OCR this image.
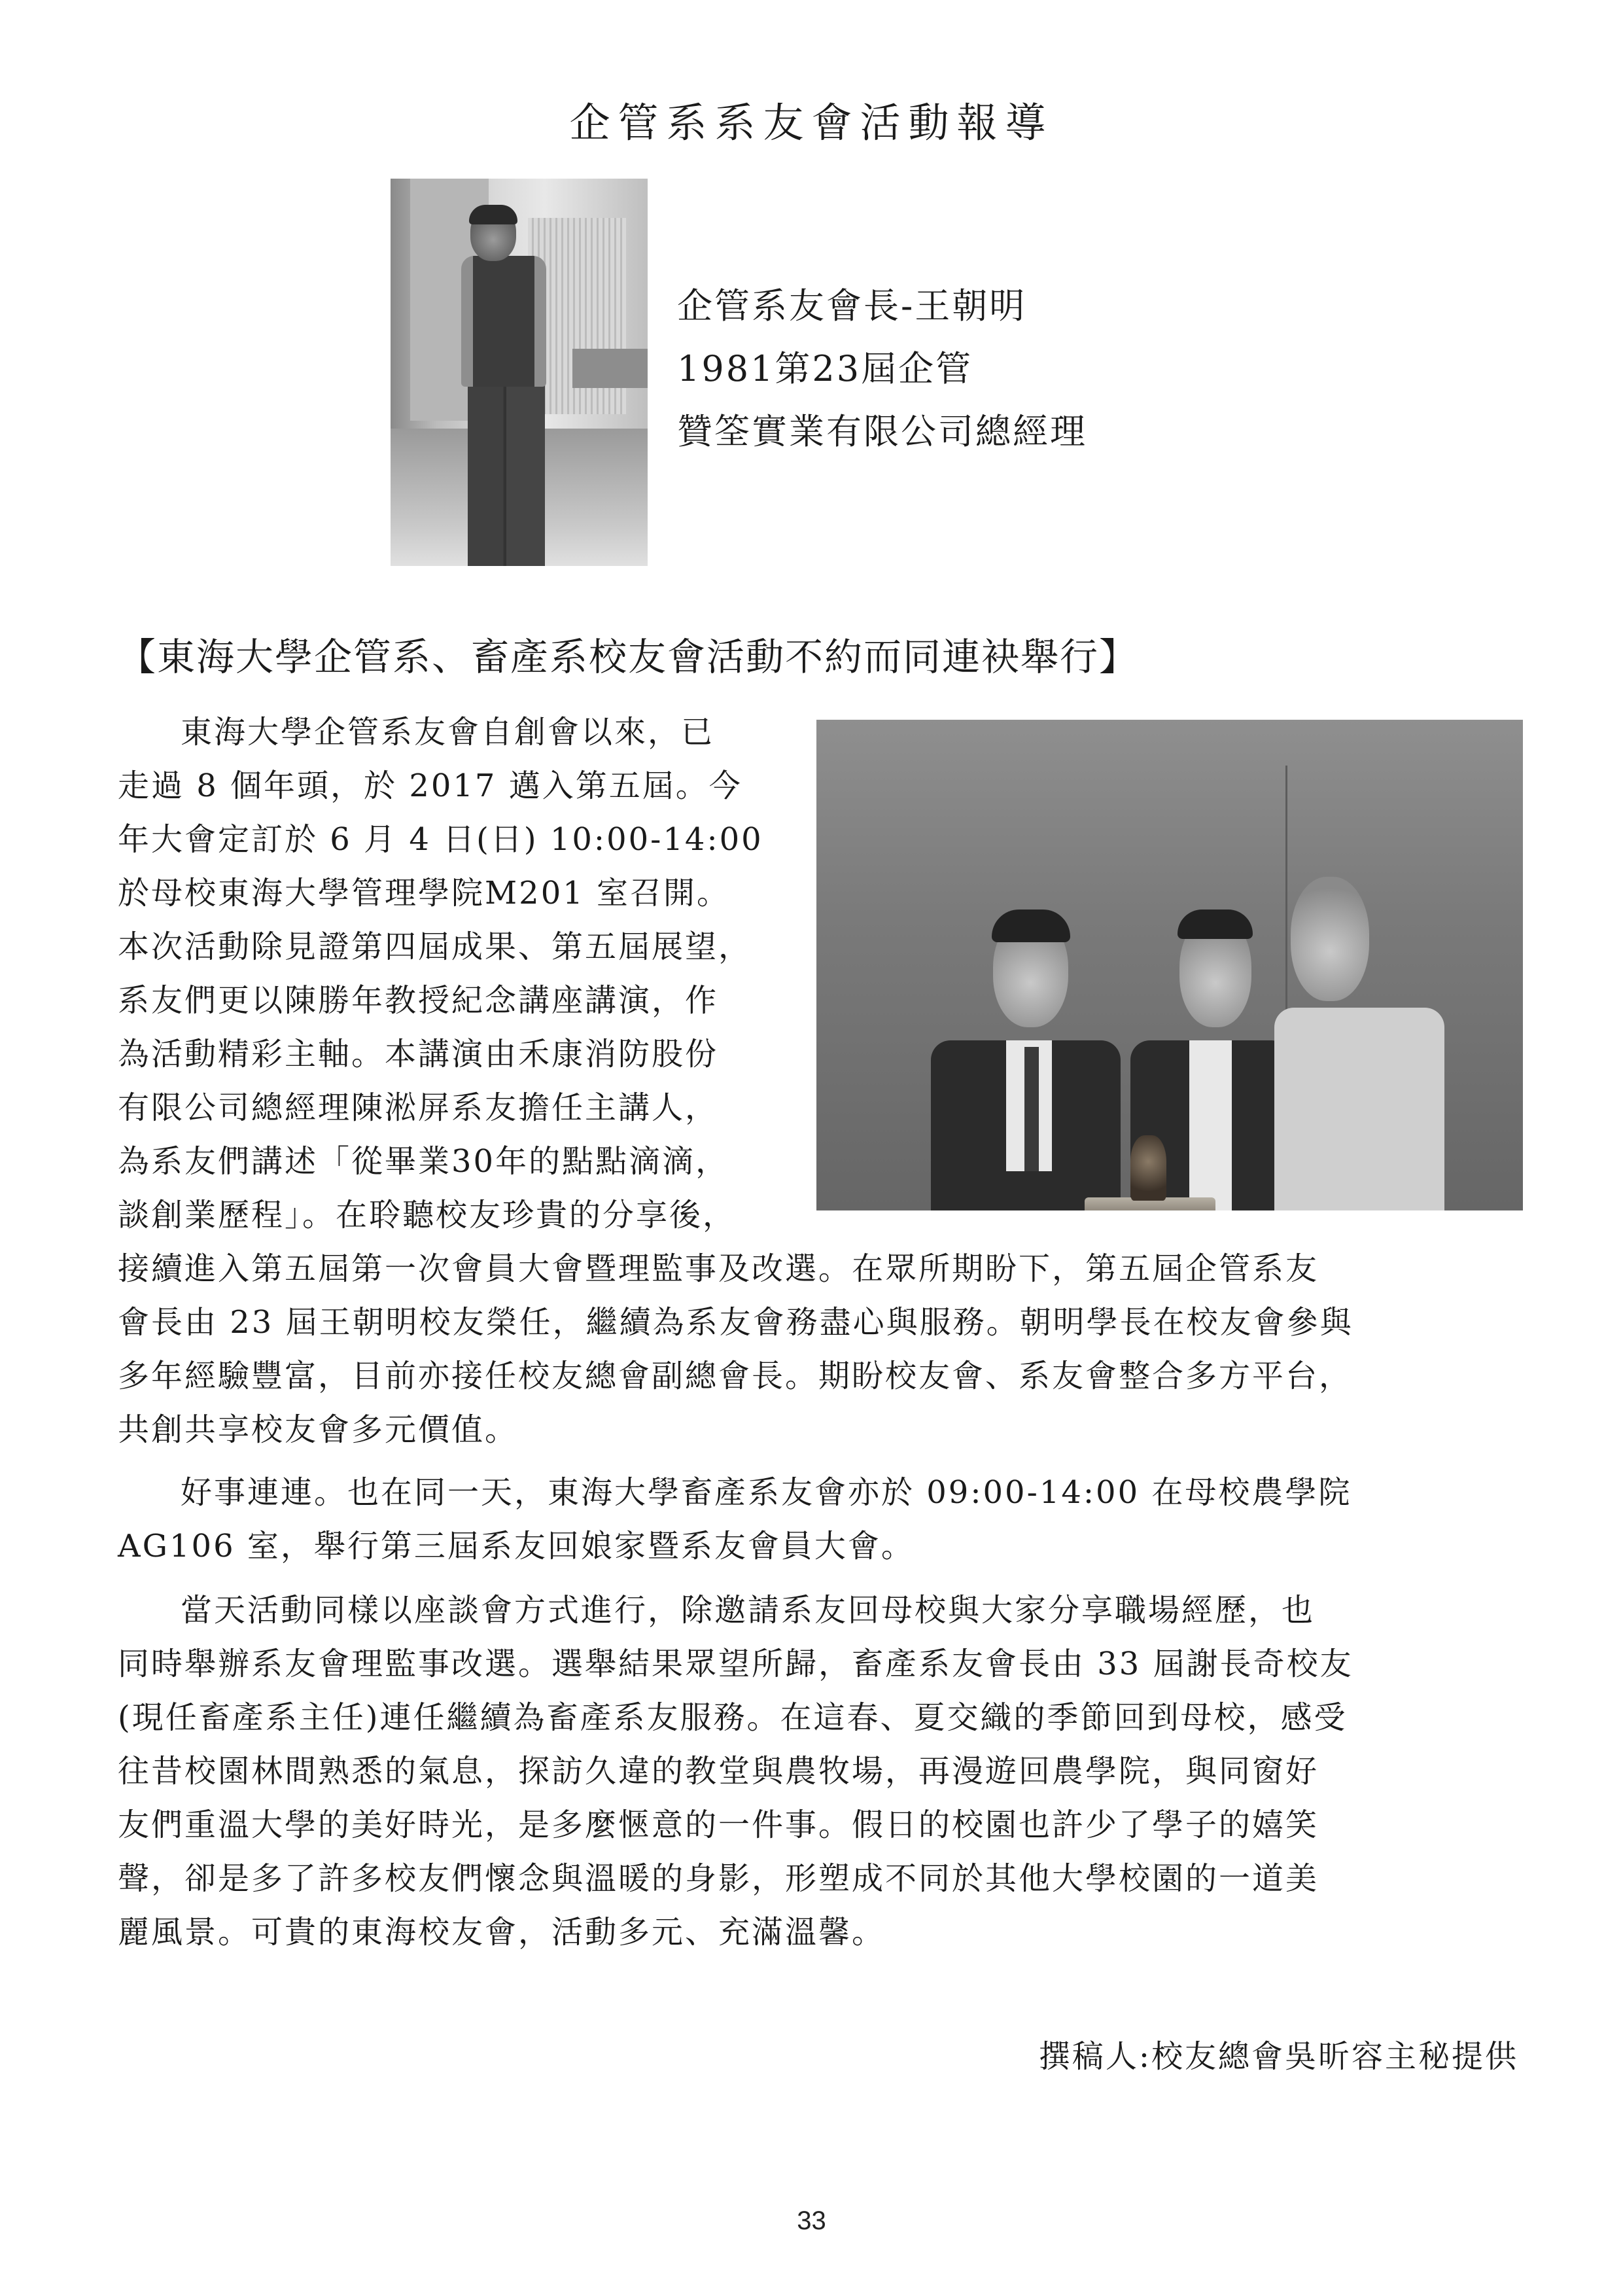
企管系系友會活動報導
企管系友會長-王朝明
1981第23屆企管
贊筌實業有限公司總經理
【東海大學企管系、畜產系校友會活動不約而同連袂舉行】
東海大學企管系友會自創會以來，已
走過 8 個年頭，於 2017 邁入第五屆。今
年大會定訂於 6 月 4 日(日) 10:00-14:00
於母校東海大學管理學院M201 室召開。
本次活動除見證第四屆成果、第五屆展望，
系友們更以陳勝年教授紀念講座講演，作
為活動精彩主軸。本講演由禾康消防股份
有限公司總經理陳淞屏系友擔任主講人，
為系友們講述「從畢業30年的點點滴滴，
談創業歷程」。在聆聽校友珍貴的分享後，
接續進入第五屆第一次會員大會暨理監事及改選。在眾所期盼下，第五屆企管系友
會長由 23 屆王朝明校友榮任，繼續為系友會務盡心與服務。朝明學長在校友會參與
多年經驗豐富，目前亦接任校友總會副總會長。期盼校友會、系友會整合多方平台，
共創共享校友會多元價值。
好事連連。也在同一天，東海大學畜產系友會亦於 09:00-14:00 在母校農學院
AG106 室，舉行第三屆系友回娘家暨系友會員大會。
當天活動同樣以座談會方式進行，除邀請系友回母校與大家分享職場經歷，也
同時舉辦系友會理監事改選。選舉結果眾望所歸，畜產系友會長由 33 屆謝長奇校友
(現任畜產系主任)連任繼續為畜產系友服務。在這春、夏交織的季節回到母校，感受
往昔校園林間熟悉的氣息，探訪久違的教堂與農牧場，再漫遊回農學院，與同窗好
友們重溫大學的美好時光，是多麼愜意的一件事。假日的校園也許少了學子的嬉笑
聲，卻是多了許多校友們懷念與溫暖的身影，形塑成不同於其他大學校園的一道美
麗風景。可貴的東海校友會，活動多元、充滿溫馨。
撰稿人:校友總會吳昕容主秘提供
33
